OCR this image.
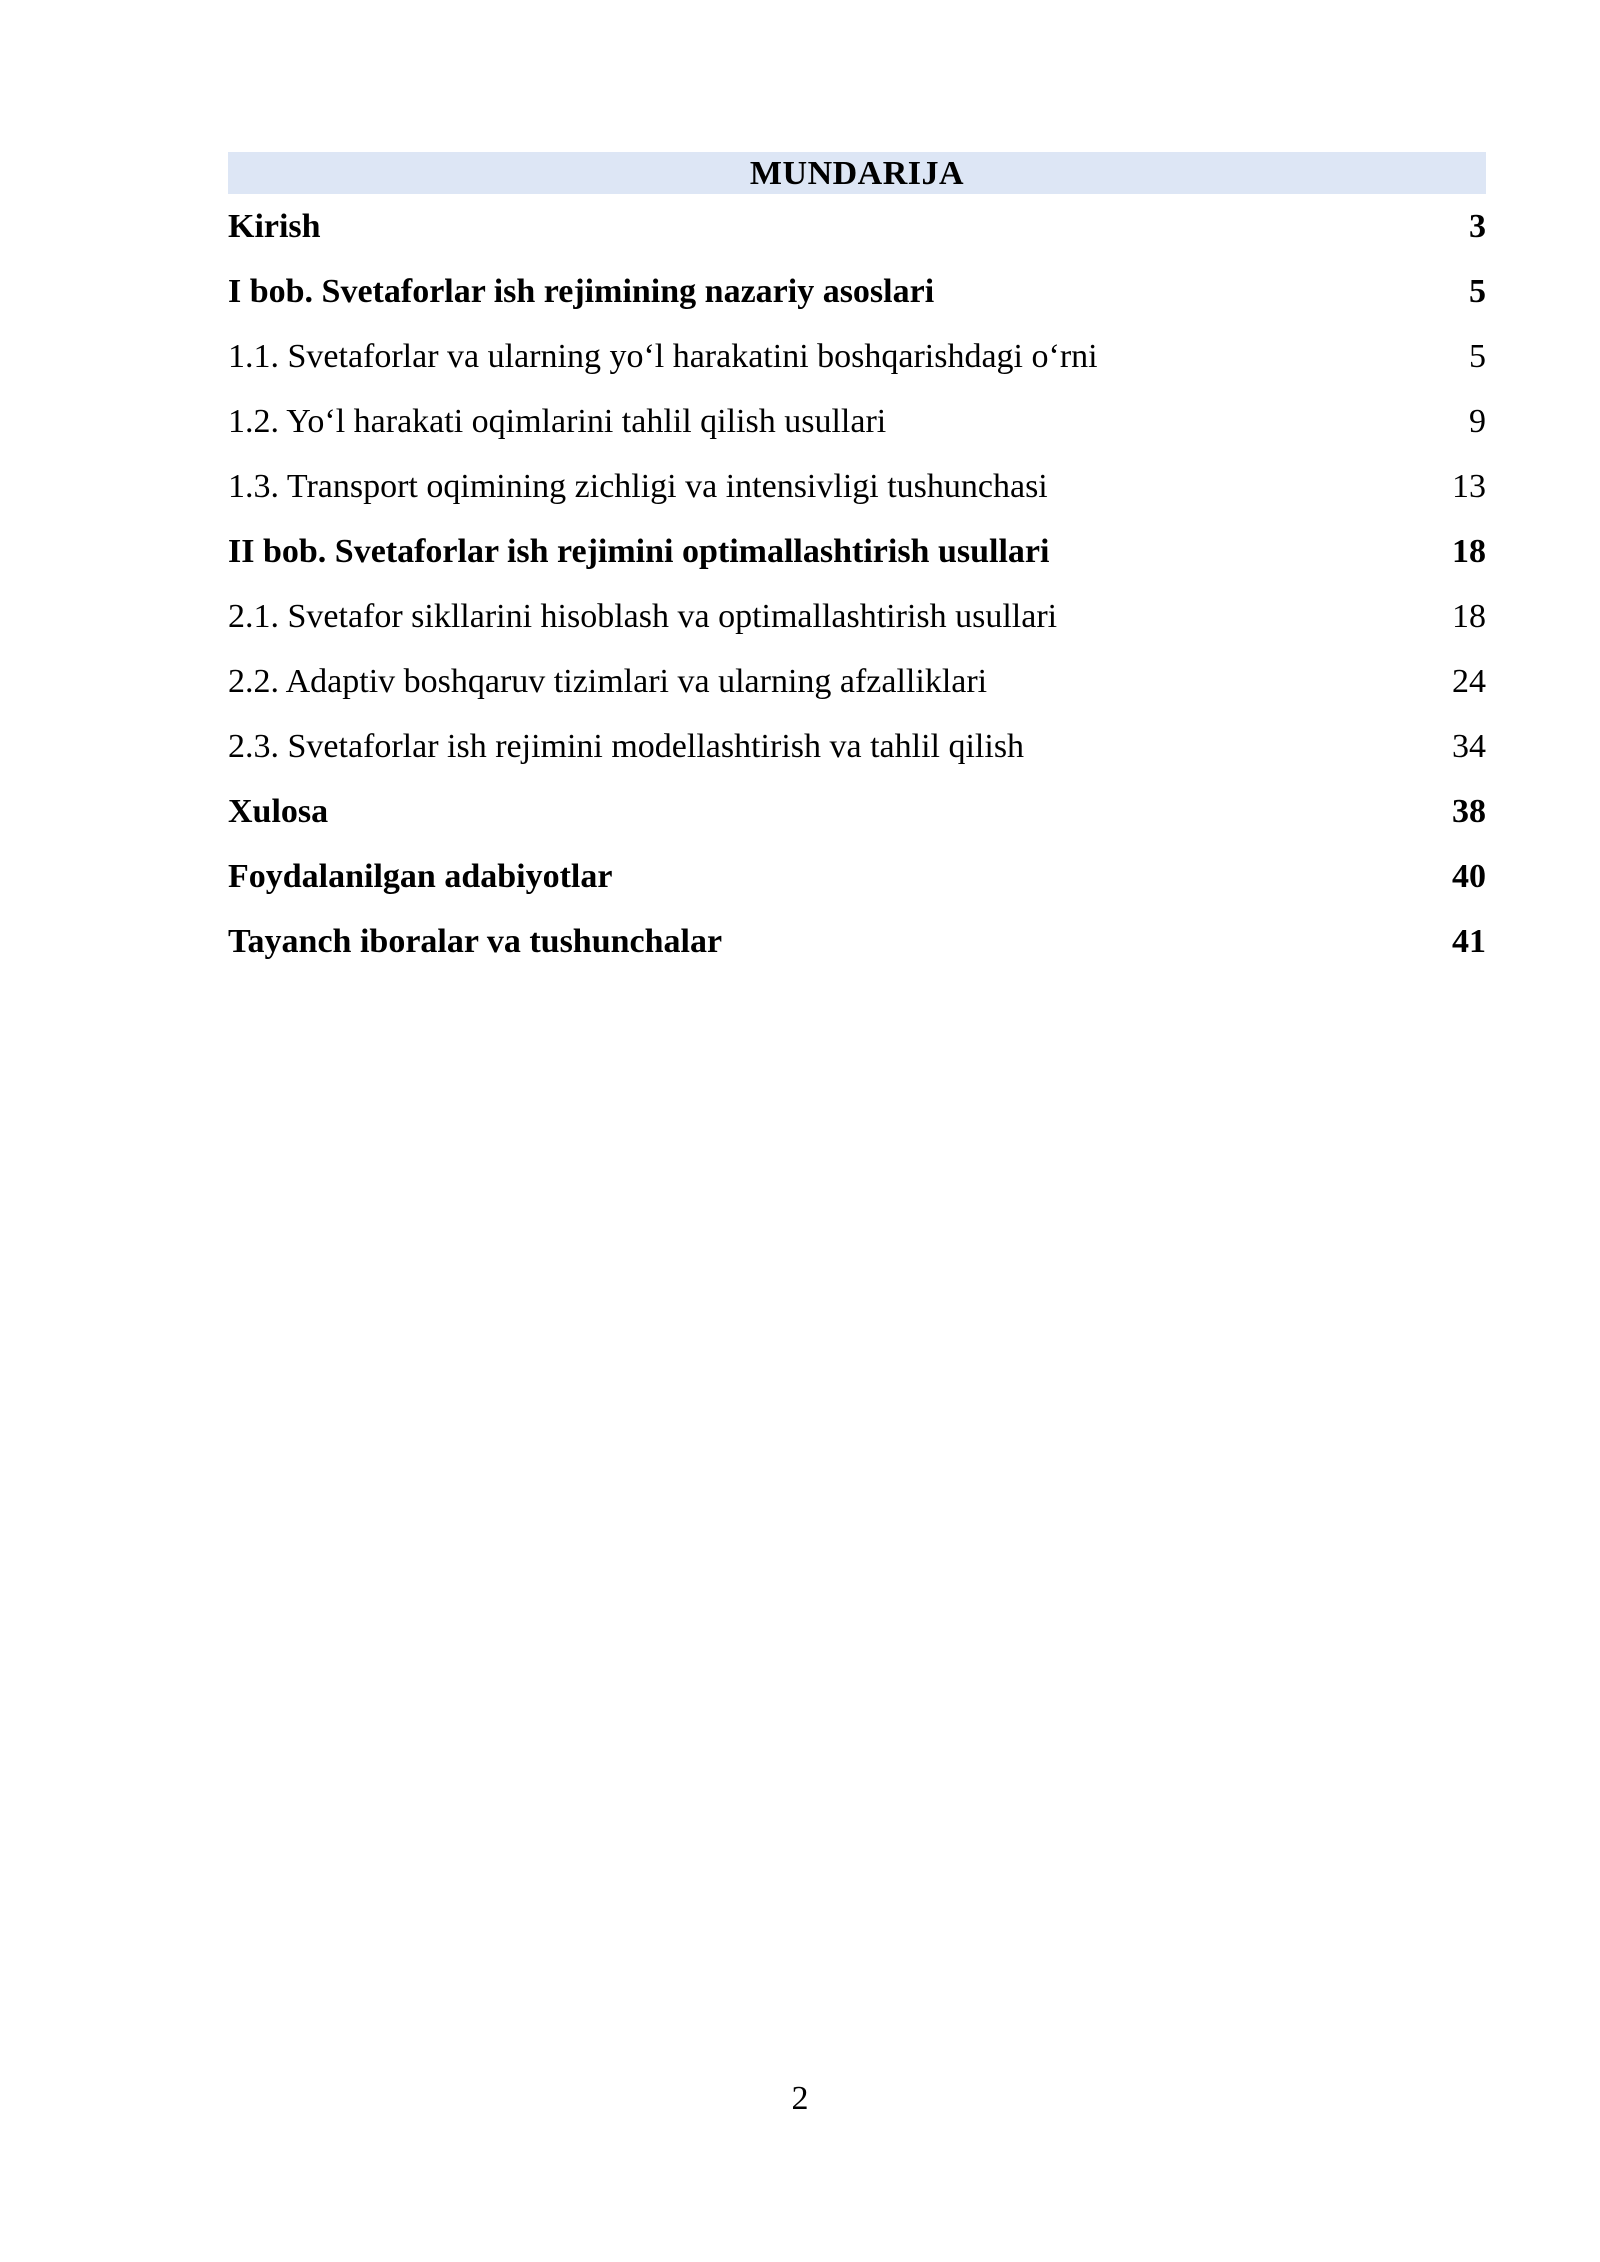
MUNDARIJA
Kirish	3
I bob. Svetaforlar ish rejimining nazariy asoslari	5
1.1. Svetaforlar va ularning yoʻl harakatini boshqarishdagi oʻrni	5
1.2. Yoʻl harakati oqimlarini tahlil qilish usullari	9
1.3. Transport oqimining zichligi va intensivligi tushunchasi	13
II bob. Svetaforlar ish rejimini optimallashtirish usullari	18
2.1. Svetafor sikllarini hisoblash va optimallashtirish usullari	18
2.2. Adaptiv boshqaruv tizimlari va ularning afzalliklari	24
2.3. Svetaforlar ish rejimini modellashtirish va tahlil qilish	34
Xulosa	38
Foydalanilgan adabiyotlar	40
Tayanch iboralar va tushunchalar	41
2
